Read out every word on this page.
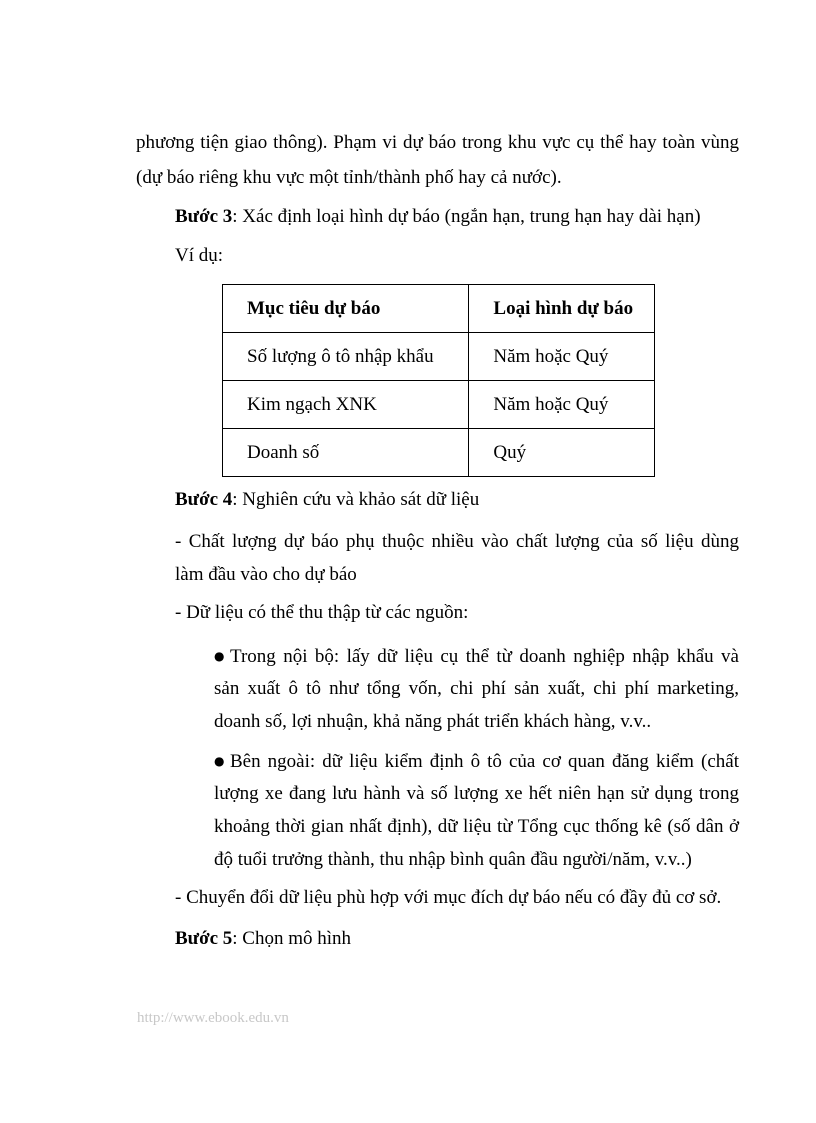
phương tiện giao thông). Phạm vi dự báo trong khu vực cụ thể hay toàn vùng

(dự báo riêng khu vực một tỉnh/thành phố hay cả nước).

Bước 3: Xác định loại hình dự báo (ngắn hạn, trung hạn hay dài hạn)

Ví dụ:

Mục tiêu dự báo	Loại hình dự báo
Số lượng ô tô nhập khẩu	Năm hoặc Quý
Kim ngạch XNK	Năm hoặc Quý
Doanh số	Quý

Bước 4: Nghiên cứu và khảo sát dữ liệu

- Chất lượng dự báo phụ thuộc nhiều vào chất lượng của số liệu dùng

làm đầu vào cho dự báo

- Dữ liệu có thể thu thập từ các nguồn:

● Trong nội bộ: lấy dữ liệu cụ thể từ doanh nghiệp nhập khẩu và

sản xuất ô tô như tổng vốn, chi phí sản xuất, chi phí marketing,

doanh số, lợi nhuận, khả năng phát triển khách hàng, v.v..

● Bên ngoài: dữ liệu kiểm định ô tô của cơ quan đăng kiểm (chất

lượng xe đang lưu hành và số lượng xe hết niên hạn sử dụng trong

khoảng thời gian nhất định), dữ liệu từ Tổng cục thống kê (số dân ở

độ tuổi trưởng thành, thu nhập bình quân đầu người/năm, v.v..)

- Chuyển đổi dữ liệu phù hợp với mục đích dự báo nếu có đầy đủ cơ sở.

Bước 5: Chọn mô hình

http://www.ebook.edu.vn
